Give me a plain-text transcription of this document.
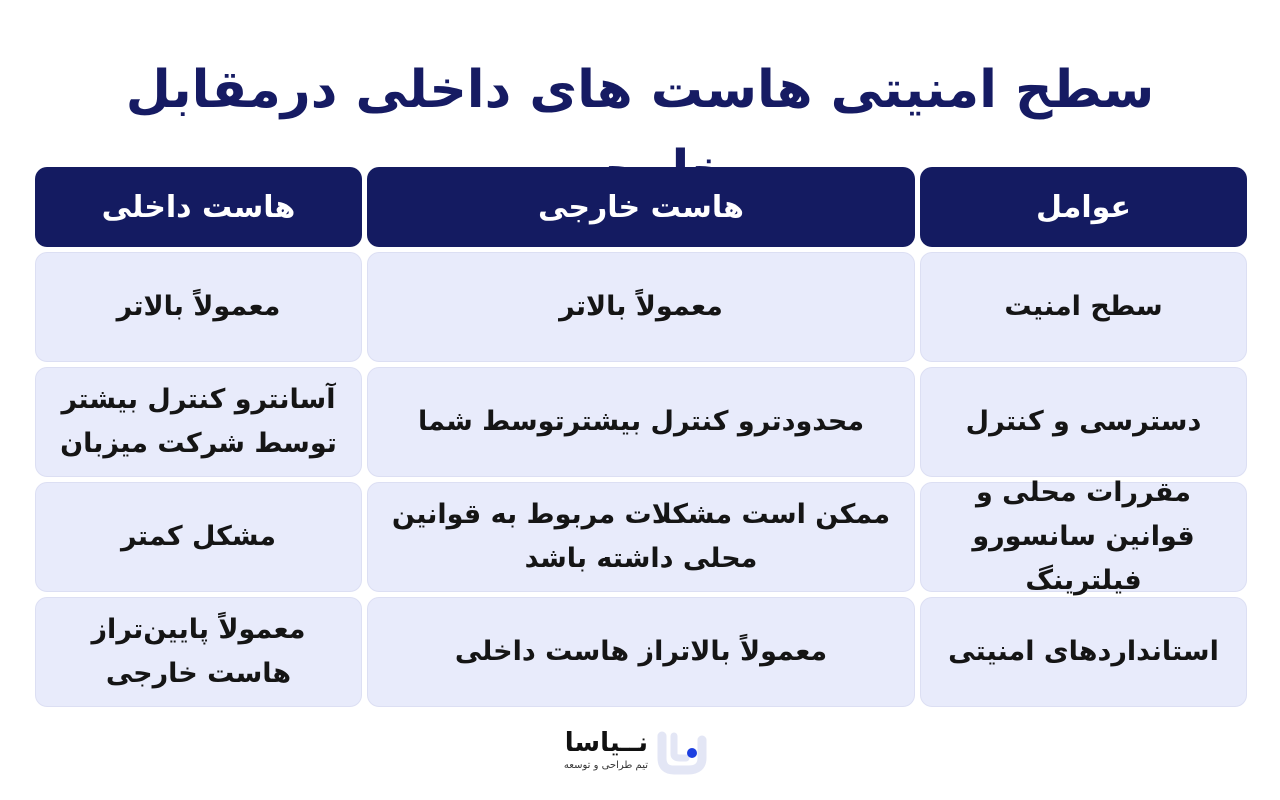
سطح امنیتی هاست های داخلی درمقابل
عوامل
هاست خارجی
هاست داخلی
سطح امنیت
معمولاً بالاتر
معمولاً بالاتر
دسترسی و کنترل
محدودترو کنترل بیشترتوسط شما
آسانترو کنترل بیشتر توسط شرکت میزبان
مقررات محلی و قوانین سانسورو فیلترینگ
ممکن است مشکلات مربوط به قوانین محلی داشته باشد
مشکل کمتر
استانداردهای امنیتی
معمولاً بالاتراز هاست داخلی
معمولاً پایین‌تراز هاست خارجی
نــیاسا
تیم طراحی و توسعه
